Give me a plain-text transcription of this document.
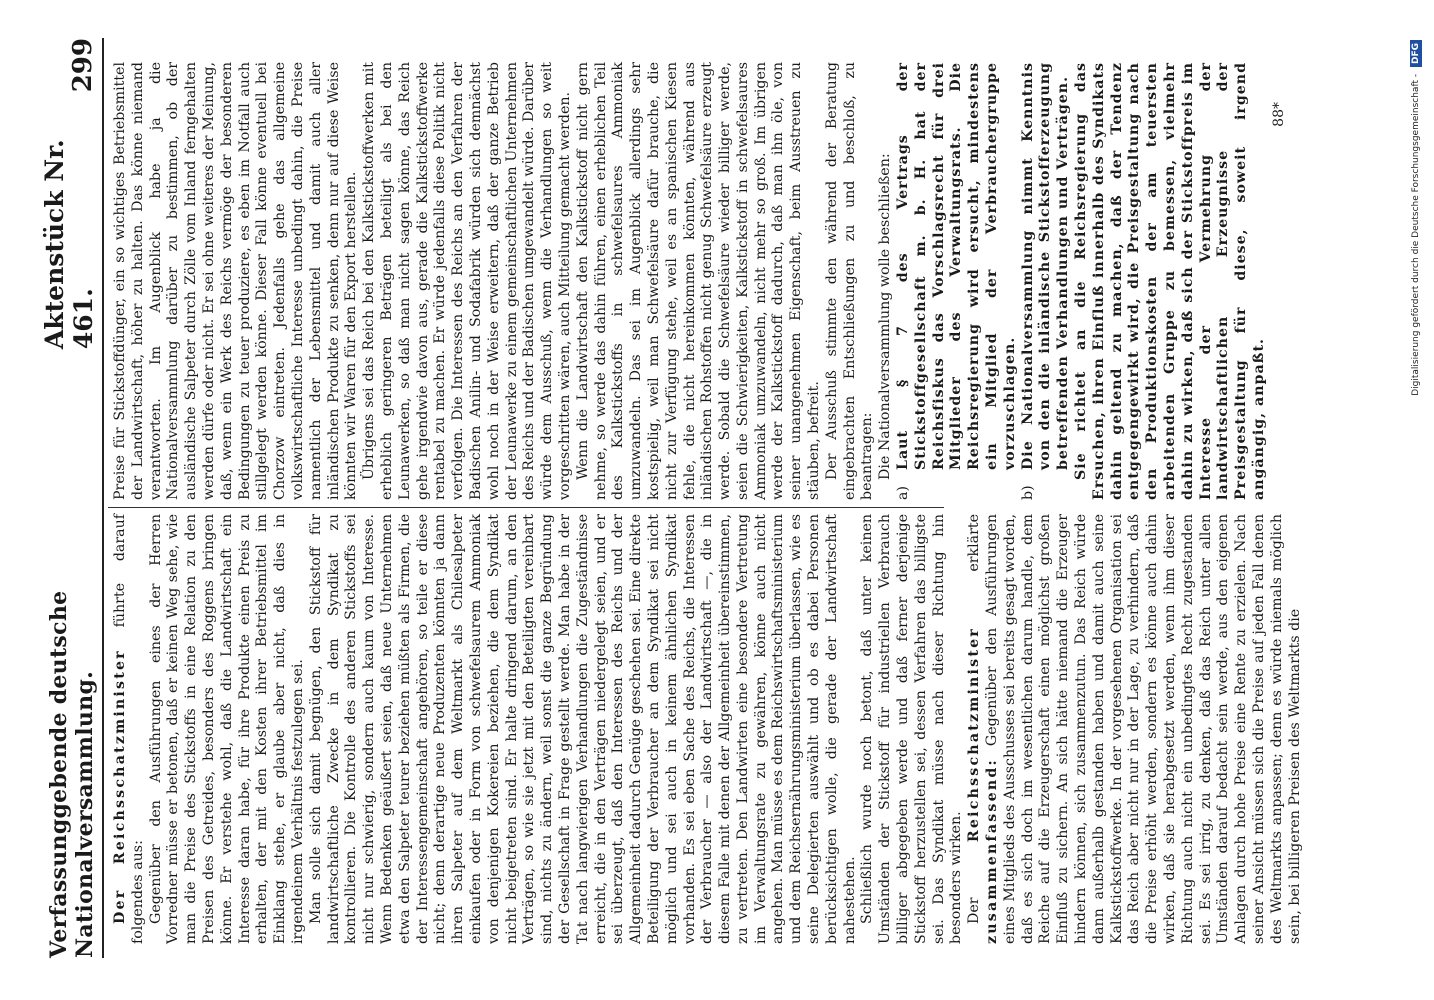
Verfassunggebende deutsche Nationalversammlung.
Aktenstück Nr. 461.
299

Der Reichsschatzminister führte darauf folgendes aus: Gegenüber den Ausführungen eines der Herren Vorredner müsse er betonen, daß er keinen Weg sehe, wie man die Preise des Stickstoffs in eine Relation zu den Preisen des Getreides, besonders des Roggens bringen könne. Er verstehe wohl, daß die Landwirtschaft ein Interesse daran habe, für ihre Produkte einen Preis zu erhalten, der mit den Kosten ihrer Betriebsmittel im Einklang stehe, er glaube aber nicht, daß dies in irgendeinem Verhältnis festzulegen sei. Man solle sich damit begnügen, den Stickstoff für landwirtschaftliche Zwecke in dem Syndikat zu kontrollieren. Die Kontrolle des anderen Stickstoffs sei nicht nur schwierig, sondern auch kaum von Interesse. Wenn Bedenken geäußert seien, daß neue Unternehmen etwa den Salpeter teurer beziehen müßten als Firmen, die der Interessengemeinschaft angehören, so teile er diese nicht; denn derartige neue Produzenten könnten ja dann ihren Salpeter auf dem Weltmarkt als Chilesalpeter einkaufen oder in Form von schwefelsaurem Ammoniak von denjenigen Kokereien beziehen, die dem Syndikat nicht beigetreten sind. Er halte dringend darum, an den Verträgen, so wie sie jetzt mit den Beteiligten vereinbart sind, nichts zu ändern, weil sonst die ganze Begründung der Gesellschaft in Frage gestellt werde. Man habe in der Tat nach langwierigen Verhandlungen die Zugeständnisse erreicht, die in den Verträgen niedergelegt seien, und er sei überzeugt, daß den Interessen des Reichs und der Allgemeinheit dadurch Genüge geschehen sei. Eine direkte Beteiligung der Verbraucher an dem Syndikat sei nicht möglich und sei auch in keinem ähnlichen Syndikat vorhanden. Es sei eben Sache des Reichs, die Interessen der Verbraucher — also der Landwirtschaft —, die in diesem Falle mit denen der Allgemeinheit übereinstimmen, zu vertreten. Den Landwirten eine besondere Vertretung im Verwaltungsrate zu gewähren, könne auch nicht angehen. Man müsse es dem Reichswirtschaftsministerium und dem Reichsernährungsministerium überlassen, wie es seine Delegierten auswählt und ob es dabei Personen berücksichtigen wolle, die gerade der Landwirtschaft nahestehen. Schließlich wurde noch betont, daß unter keinen Umständen der Stickstoff für industriellen Verbrauch billiger abgegeben werde und daß ferner derjenige Stickstoff herzustellen sei, dessen Verfahren das billigste sei. Das Syndikat müsse nach dieser Richtung hin besonders wirken. Der Reichsschatzminister erklärte zusammenfassend: Gegenüber den Ausführungen eines Mitglieds des Ausschusses sei bereits gesagt worden, daß es sich doch im wesentlichen darum handle, dem Reiche auf die Erzeugerschaft einen möglichst großen Einfluß zu sichern. An sich hätte niemand die Erzeuger hindern können, sich zusammenzutun. Das Reich würde dann außerhalb gestanden haben und damit auch seine Kalkstickstoffwerke. In der vorgesehenen Organisation sei das Reich aber nicht nur in der Lage, zu verhindern, daß die Preise erhöht werden, sondern es könne auch dahin wirken, daß sie herabgesetzt werden, wenn ihm dieser Richtung auch nicht ein unbedingtes Recht zugestanden sei. Es sei irrig, zu denken, daß das Reich unter allen Umständen darauf bedacht sein werde, aus den eigenen Anlagen durch hohe Preise eine Rente zu erzielen. Nach seiner Ansicht müssen sich die Preise auf jeden Fall denen des Weltmarkts anpassen; denn es würde niemals möglich sein, bei billigeren Preisen des Weltmarkts die

Preise für Stickstoffdünger, ein so wichtiges Betriebsmittel der Landwirtschaft, höher zu halten. Das könne niemand verantworten. Im Augenblick habe ja die Nationalversammlung darüber zu bestimmen, ob der ausländische Salpeter durch Zölle vom Inland ferngehalten werden dürfe oder nicht. Er sei ohne weiteres der Meinung, daß, wenn ein Werk des Reichs vermöge der besonderen Bedingungen zu teuer produziere, es eben im Notfall auch stillgelegt werden könne. Dieser Fall könne eventuell bei Chorzow eintreten. Jedenfalls gehe das allgemeine volkswirtschaftliche Interesse unbedingt dahin, die Preise namentlich der Lebensmittel und damit auch aller inländischen Produkte zu senken, denn nur auf diese Weise könnten wir Waren für den Export herstellen. Übrigens sei das Reich bei den Kalkstickstoffwerken mit erheblich geringeren Beträgen beteiligt als bei den Leunawerken, so daß man nicht sagen könne, das Reich gehe irgendwie davon aus, gerade die Kalkstickstoffwerke rentabel zu machen. Er würde jedenfalls diese Politik nicht verfolgen. Die Interessen des Reichs an den Verfahren der Badischen Anilin- und Sodafabrik würden sich demnächst wohl noch in der Weise erweitern, daß der ganze Betrieb der Leunawerke zu einem gemeinschaftlichen Unternehmen des Reichs und der Badischen umgewandelt würde. Darüber würde dem Ausschuß, wenn die Verhandlungen so weit vorgeschritten wären, auch Mitteilung gemacht werden. Wenn die Landwirtschaft den Kalkstickstoff nicht gern nehme, so werde das dahin führen, einen erheblichen Teil des Kalkstickstoffs in schwefelsaures Ammoniak umzuwandeln. Das sei im Augenblick allerdings sehr kostspielig, weil man Schwefelsäure dafür brauche, die nicht zur Verfügung stehe, weil es an spanischen Kiesen fehle, die nicht hereinkommen könnten, während aus inländischen Rohstoffen nicht genug Schwefelsäure erzeugt werde. Sobald die Schwefelsäure wieder billiger werde, seien die Schwierigkeiten, Kalkstickstoff in schwefelsaures Ammoniak umzuwandeln, nicht mehr so groß. Im übrigen werde der Kalkstickstoff dadurch, daß man ihn öle, von seiner unangenehmen Eigenschaft, beim Ausstreuen zu stäuben, befreit. Der Ausschuß stimmte den während der Beratung eingebrachten Entschließungen zu und beschloß, zu beantragen: Die Nationalversammlung wolle beschließen:

a)
Laut § 7 des Vertrags der Stickstoffgesellschaft m. b. H. hat der Reichsfiskus das Vorschlagsrecht für drei Mitglieder des Verwaltungsrats. Die Reichsregierung wird ersucht, mindestens ein Mitglied der Verbrauchergruppe vorzuschlagen.
b)
Die Nationalversammlung nimmt Kenntnis von den die inländische Stickstofferzeugung betreffenden Verhandlungen und Verträgen. Sie richtet an die Reichsregierung das Ersuchen, ihren Einfluß innerhalb des Syndikats dahin geltend zu machen, daß der Tendenz entgegengewirkt wird, die Preisgestaltung nach den Produktionskosten der am teuersten arbeitenden Gruppe zu bemessen, vielmehr dahin zu wirken, daß sich der Stickstoffpreis im Interesse der Vermehrung der landwirtschaftlichen Erzeugnisse der Preisgestaltung für diese, soweit irgend angängig, anpaßt.

88*	Digitalisierung gefördert durch die Deutsche Forschungsgemeinschaft - DFG
